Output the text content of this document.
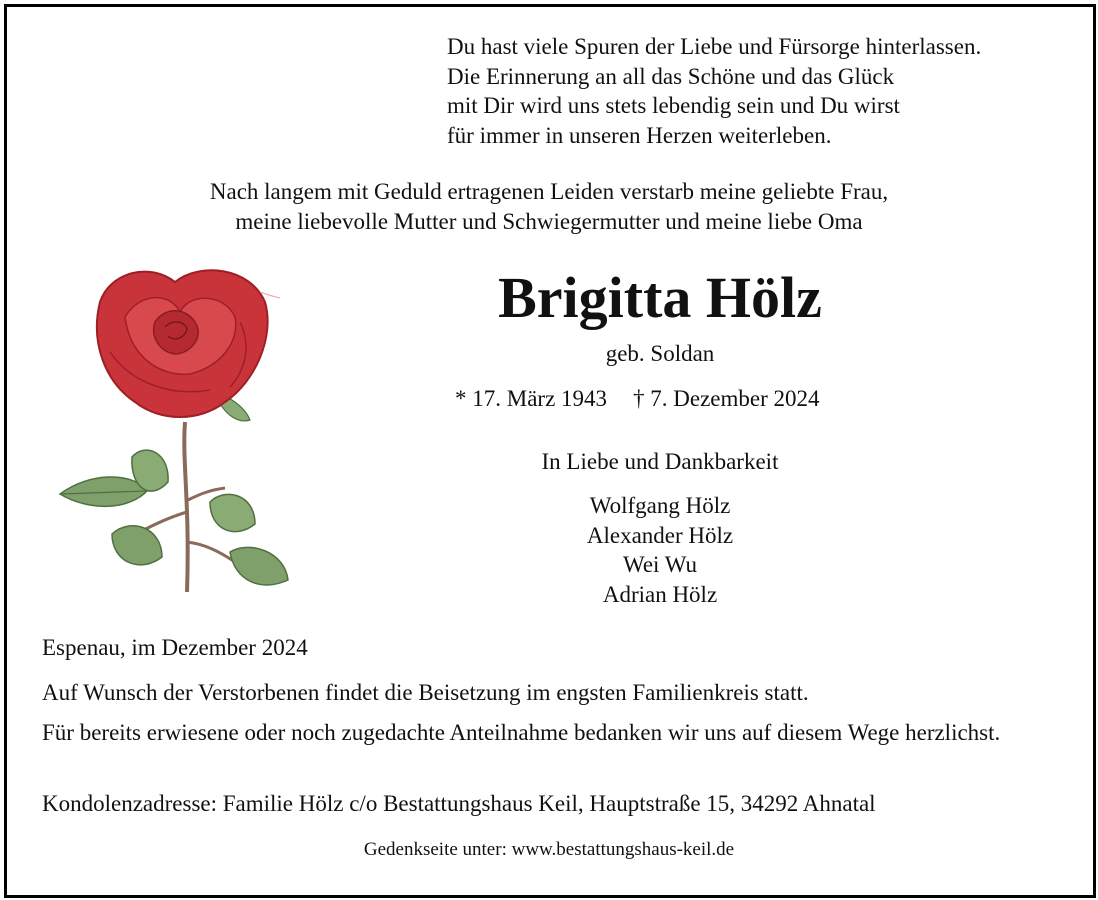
Du hast viele Spuren der Liebe und Fürsorge hinterlassen.
Die Erinnerung an all das Schöne und das Glück
mit Dir wird uns stets lebendig sein und Du wirst
für immer in unseren Herzen weiterleben.
Nach langem mit Geduld ertragenen Leiden verstarb meine geliebte Frau,
meine liebevolle Mutter und Schwiegermutter und meine liebe Oma
Brigitta Hölz
geb. Soldan
* 17. März 1943 † 7. Dezember 2024
In Liebe und Dankbarkeit
Wolfgang Hölz
Alexander Hölz
Wei Wu
Adrian Hölz
Espenau, im Dezember 2024
Auf Wunsch der Verstorbenen findet die Beisetzung im engsten Familienkreis statt.
Für bereits erwiesene oder noch zugedachte Anteilnahme bedanken wir uns auf diesem Wege herzlichst.
Kondolenzadresse: Familie Hölz c/o Bestattungshaus Keil, Hauptstraße 15, 34292 Ahnatal
Gedenkseite unter: www.bestattungshaus-keil.de
